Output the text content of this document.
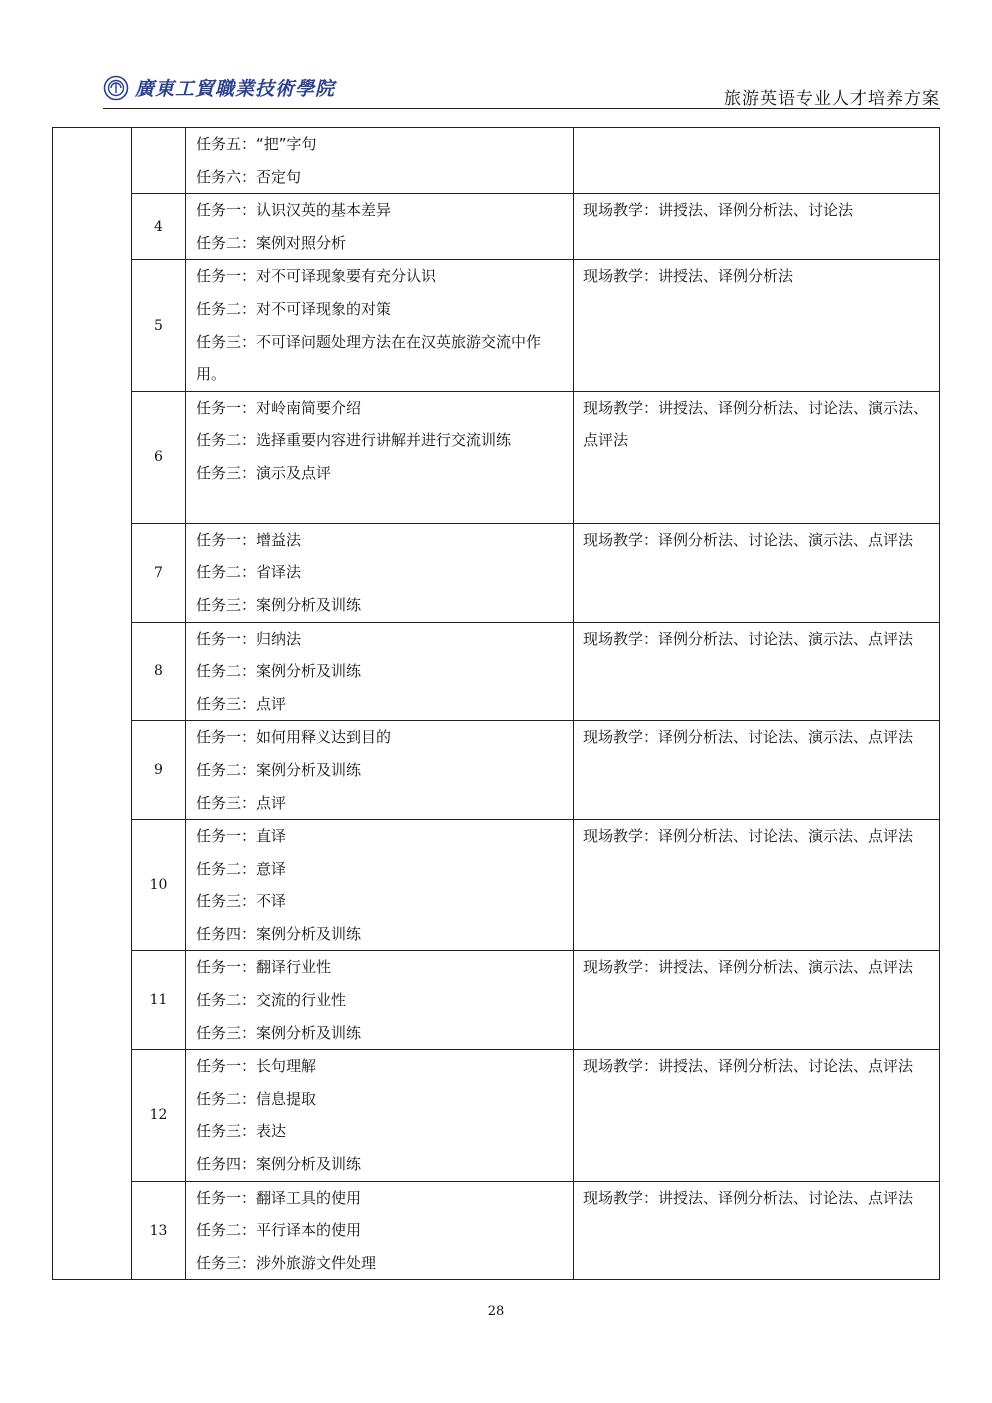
廣東工貿職業技術學院	旅游英语专业人才培养方案

		任务五：“把”字句
任务六：否定句	

	4	任务一：认识汉英的基本差异
任务二：案例对照分析	现场教学：讲授法、译例分析法、讨论法

	5	任务一：对不可译现象要有充分认识
任务二：对不可译现象的对策
任务三：不可译问题处理方法在在汉英旅游交流中作用。	现场教学：讲授法、译例分析法

	6	任务一：对岭南简要介绍
任务二：选择重要内容进行讲解并进行交流训练
任务三：演示及点评	现场教学：讲授法、译例分析法、讨论法、演示法、点评法

	7	任务一：增益法
任务二：省译法
任务三：案例分析及训练	现场教学：译例分析法、讨论法、演示法、点评法

	8	任务一：归纳法
任务二：案例分析及训练
任务三：点评	现场教学：译例分析法、讨论法、演示法、点评法

	9	任务一：如何用释义达到目的
任务二：案例分析及训练
任务三：点评	现场教学：译例分析法、讨论法、演示法、点评法

	10	任务一：直译
任务二：意译
任务三：不译
任务四：案例分析及训练	现场教学：译例分析法、讨论法、演示法、点评法

	11	任务一：翻译行业性
任务二：交流的行业性
任务三：案例分析及训练	现场教学：讲授法、译例分析法、演示法、点评法

	12	任务一：长句理解
任务二：信息提取
任务三：表达
任务四：案例分析及训练	现场教学：讲授法、译例分析法、讨论法、点评法

	13	任务一：翻译工具的使用
任务二：平行译本的使用
任务三：涉外旅游文件处理	现场教学：讲授法、译例分析法、讨论法、点评法
28
